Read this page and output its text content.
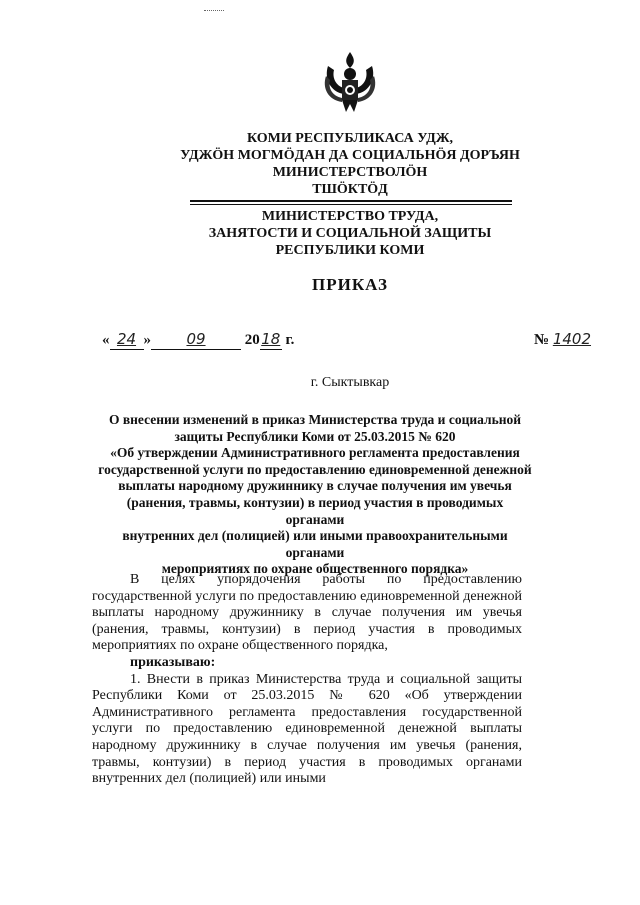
КОМИ РЕСПУБЛИКАСА УДЖ,
УДЖÖН МОГМÖДАН ДА СОЦИАЛЬНÖЯ ДОРЪЯН
МИНИСТЕРСТВОЛÖН
ТШÖКТÖД
МИНИСТЕРСТВО ТРУДА,
ЗАНЯТОСТИ И СОЦИАЛЬНОЙ ЗАЩИТЫ
РЕСПУБЛИКИ КОМИ
ПРИКАЗ
« 24 » 09	2018 г.	№ 1402
г. Сыктывкар
О внесении изменений в приказ Министерства труда и социальной
защиты Республики Коми от 25.03.2015 № 620
«Об утверждении Административного регламента предоставления
государственной услуги по предоставлению единовременной денежной
выплаты народному дружиннику в случае получения им увечья
(ранения, травмы, контузии) в период участия в проводимых органами
внутренних дел (полицией) или иными правоохранительными органами
мероприятиях по охране общественного порядка»

В целях упорядочения работы по предоставлению государственной услуги по предоставлению единовременной денежной выплаты народному дружиннику в случае получения им увечья (ранения, травмы, контузии) в период участия в проводимых мероприятиях по охране общественного порядка,

приказываю:

1. Внести в приказ Министерства труда и социальной защиты Республики Коми от 25.03.2015 № 620 «Об утверждении Административного регламента предоставления государственной услуги по предоставлению единовременной денежной выплаты народному дружиннику в случае получения им увечья (ранения, травмы, контузии) в период участия в проводимых органами внутренних дел (полицией) или иными
